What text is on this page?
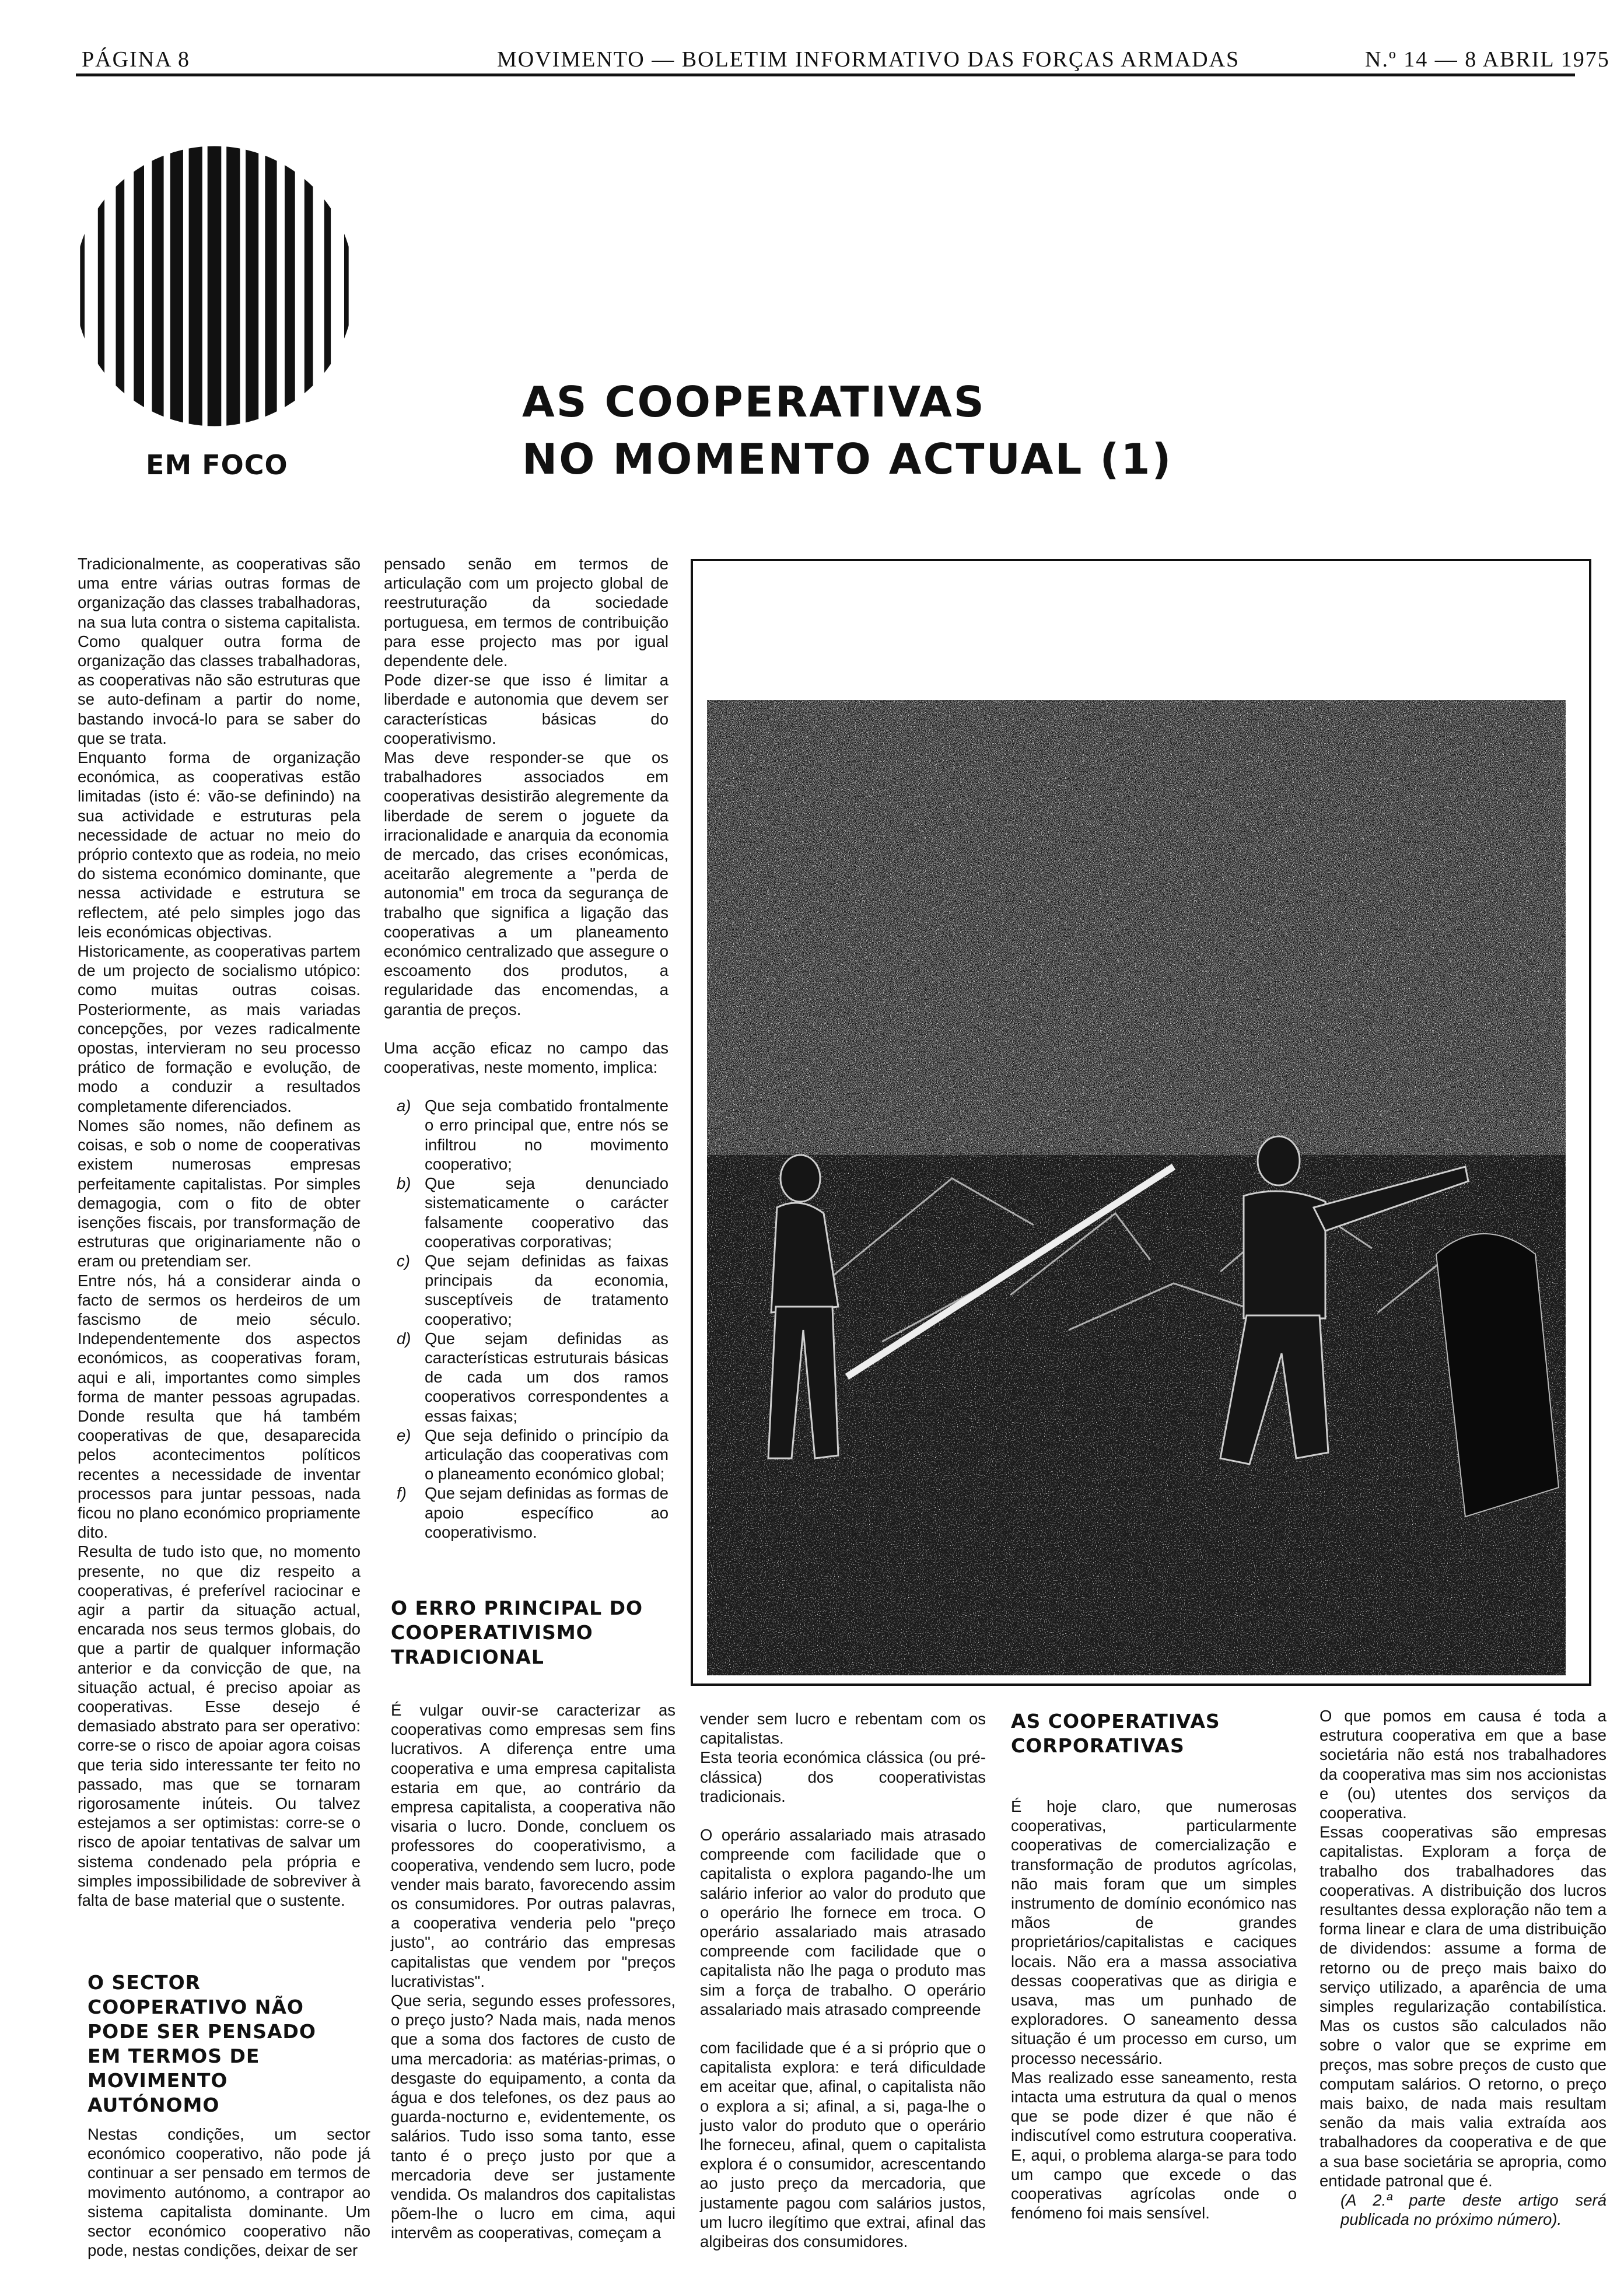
PÁGINA 8	MOVIMENTO — BOLETIM INFORMATIVO DAS FORÇAS ARMADAS	N.º 14 — 8 ABRIL 1975
EM FOCO
AS COOPERATIVAS
NO MOMENTO ACTUAL (1)

Tradicionalmente, as cooperativas são uma entre várias outras formas de organização das classes trabalhadoras, na sua luta contra o sistema capitalista. Como qualquer outra forma de organização das classes trabalhadoras, as cooperativas não são estruturas que se auto-definam a partir do nome, bastando invocá-lo para se saber do que se trata.

Enquanto forma de organização económica, as cooperativas estão limitadas (isto é: vão-se definindo) na sua actividade e estruturas pela necessidade de actuar no meio do próprio contexto que as rodeia, no meio do sistema económico dominante, que nessa actividade e estrutura se reflectem, até pelo simples jogo das leis económicas objectivas.

Historicamente, as cooperativas partem de um projecto de socialismo utópico: como muitas outras coisas. Posteriormente, as mais variadas concepções, por vezes radicalmente opostas, intervieram no seu processo prático de formação e evolução, de modo a conduzir a resultados completamente diferenciados.

Nomes são nomes, não definem as coisas, e sob o nome de cooperativas existem numerosas empresas perfeitamente capitalistas. Por simples demagogia, com o fito de obter isenções fiscais, por transformação de estruturas que originariamente não o eram ou pretendiam ser.

Entre nós, há a considerar ainda o facto de sermos os herdeiros de um fascismo de meio século. Independentemente dos aspectos económicos, as cooperativas foram, aqui e ali, importantes como simples forma de manter pessoas agrupadas. Donde resulta que há também cooperativas de que, desaparecida pelos acontecimentos políticos recentes a necessidade de inventar processos para juntar pessoas, nada ficou no plano económico propriamente dito.

Resulta de tudo isto que, no momento presente, no que diz respeito a cooperativas, é preferível raciocinar e agir a partir da situação actual, encarada nos seus termos globais, do que a partir de qualquer informação anterior e da convicção de que, na situação actual, é preciso apoiar as cooperativas. Esse desejo é demasiado abstrato para ser operativo: corre-se o risco de apoiar agora coisas que teria sido interessante ter feito no passado, mas que se tornaram rigorosamente inúteis. Ou talvez estejamos a ser optimistas: corre-se o risco de apoiar tentativas de salvar um sistema condenado pela própria e simples impossibilidade de sobreviver à falta de base material que o sustente.

O SECTOR COOPERATIVO NÃO PODE SER PENSADO EM TERMOS DE MOVIMENTO AUTÓNOMO

Nestas condições, um sector económico cooperativo, não pode já continuar a ser pensado em termos de movimento autónomo, a contrapor ao sistema capitalista dominante. Um sector económico cooperativo não pode, nestas condições, deixar de ser

pensado senão em termos de articulação com um projecto global de reestruturação da sociedade portuguesa, em termos de contribuição para esse projecto mas por igual dependente dele.

Pode dizer-se que isso é limitar a liberdade e autonomia que devem ser características básicas do cooperativismo.

Mas deve responder-se que os trabalhadores associados em cooperativas desistirão alegremente da liberdade de serem o joguete da irracionalidade e anarquia da economia de mercado, das crises económicas, aceitarão alegremente a "perda de autonomia" em troca da segurança de trabalho que significa a ligação das cooperativas a um planeamento económico centralizado que assegure o escoamento dos produtos, a regularidade das encomendas, a garantia de preços.

Uma acção eficaz no campo das cooperativas, neste momento, implica:

a) Que seja combatido frontalmente o erro principal que, entre nós se infiltrou no movimento cooperativo;
b) Que seja denunciado sistematicamente o carácter falsamente cooperativo das cooperativas corporativas;
c) Que sejam definidas as faixas principais da economia, susceptíveis de tratamento cooperativo;
d) Que sejam definidas as características estruturais básicas de cada um dos ramos cooperativos correspondentes a essas faixas;
e) Que seja definido o princípio da articulação das cooperativas com o planeamento económico global;
f) Que sejam definidas as formas de apoio específico ao cooperativismo.
O ERRO PRINCIPAL DO COOPERATIVISMO TRADICIONAL

É vulgar ouvir-se caracterizar as cooperativas como empresas sem fins lucrativos. A diferença entre uma cooperativa e uma empresa capitalista estaria em que, ao contrário da empresa capitalista, a cooperativa não visaria o lucro. Donde, concluem os professores do cooperativismo, a cooperativa, vendendo sem lucro, pode vender mais barato, favorecendo assim os consumidores. Por outras palavras, a cooperativa venderia pelo "preço justo", ao contrário das empresas capitalistas que vendem por "preços lucrativistas".

Que seria, segundo esses professores, o preço justo? Nada mais, nada menos que a soma dos factores de custo de uma mercadoria: as matérias-primas, o desgaste do equipamento, a conta da água e dos telefones, os dez paus ao guarda-nocturno e, evidentemente, os salários. Tudo isso soma tanto, esse tanto é o preço justo por que a mercadoria deve ser justamente vendida. Os malandros dos capitalistas põem-lhe o lucro em cima, aqui intervêm as cooperativas, começam a

vender sem lucro e rebentam com os capitalistas.

Esta teoria económica clássica (ou pré-clássica) dos cooperativistas tradicionais.

O operário assalariado mais atrasado compreende com facilidade que o capitalista o explora pagando-lhe um salário inferior ao valor do produto que o operário lhe fornece em troca. O operário assalariado mais atrasado compreende com facilidade que o capitalista não lhe paga o produto mas sim a força de trabalho. O operário assalariado mais atrasado compreende

com facilidade que é a si próprio que o capitalista explora: e terá dificuldade em aceitar que, afinal, o capitalista não o explora a si; afinal, a si, paga-lhe o justo valor do produto que o operário lhe forneceu, afinal, quem o capitalista explora é o consumidor, acrescentando ao justo preço da mercadoria, que justamente pagou com salários justos, um lucro ilegítimo que extrai, afinal das algibeiras dos consumidores.

AS COOPERATIVAS CORPORATIVAS

É hoje claro, que numerosas cooperativas, particularmente cooperativas de comercialização e transformação de produtos agrícolas, não mais foram que um simples instrumento de domínio económico nas mãos de grandes proprietários/capitalistas e caciques locais. Não era a massa associativa dessas cooperativas que as dirigia e usava, mas um punhado de exploradores. O saneamento dessa situação é um processo em curso, um processo necessário.

Mas realizado esse saneamento, resta intacta uma estrutura da qual o menos que se pode dizer é que não é indiscutível como estrutura cooperativa. E, aqui, o problema alarga-se para todo um campo que excede o das cooperativas agrícolas onde o fenómeno foi mais sensível.

O que pomos em causa é toda a estrutura cooperativa em que a base societária não está nos trabalhadores da cooperativa mas sim nos accionistas e (ou) utentes dos serviços da cooperativa.

Essas cooperativas são empresas capitalistas. Exploram a força de trabalho dos trabalhadores das cooperativas. A distribuição dos lucros resultantes dessa exploração não tem a forma linear e clara de uma distribuição de dividendos: assume a forma de retorno ou de preço mais baixo do serviço utilizado, a aparência de uma simples regularização contabilística. Mas os custos são calculados não sobre o valor que se exprime em preços, mas sobre preços de custo que computam salários. O retorno, o preço mais baixo, de nada mais resultam senão da mais valia extraída aos trabalhadores da cooperativa e de que a sua base societária se apropria, como entidade patronal que é.

(A 2.ª parte deste artigo será publicada no próximo número).
